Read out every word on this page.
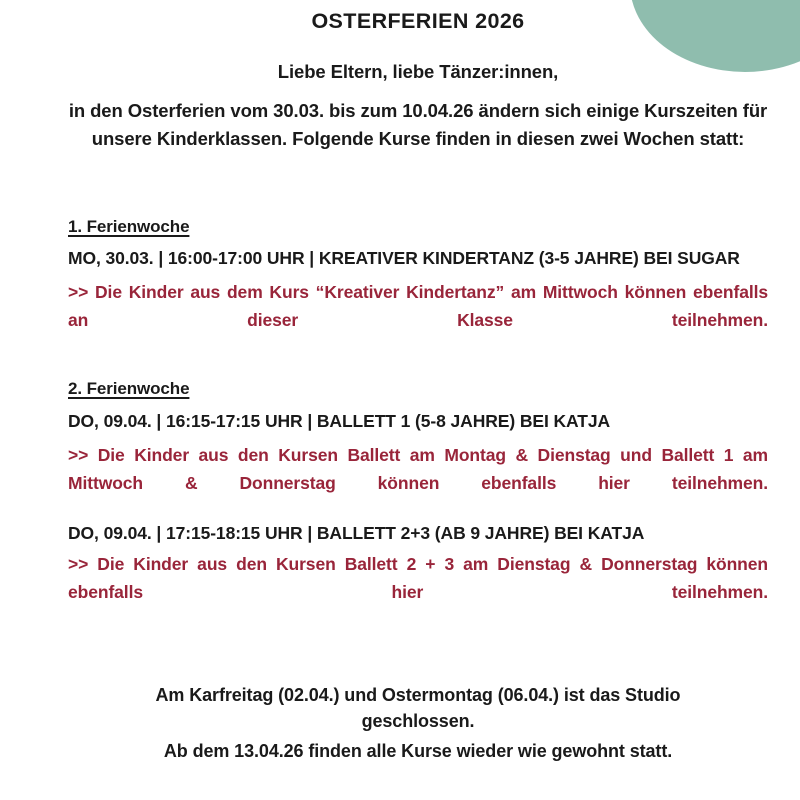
OSTERFERIEN 2026
Liebe Eltern, liebe Tänzer:innen,
in den Osterferien vom 30.03. bis zum 10.04.26 ändern sich einige Kurszeiten für unsere Kinderklassen. Folgende Kurse finden in diesen zwei Wochen statt:
1. Ferienwoche
MO, 30.03. | 16:00-17:00 UHR | KREATIVER KINDERTANZ (3-5 JAHRE) BEI SUGAR
>> Die Kinder aus dem Kurs “Kreativer Kindertanz” am Mittwoch können ebenfalls an dieser Klasse teilnehmen.
2. Ferienwoche
DO, 09.04. | 16:15-17:15 UHR | BALLETT 1 (5-8 JAHRE) BEI KATJA
>> Die Kinder aus den Kursen Ballett am Montag & Dienstag und Ballett 1 am Mittwoch & Donnerstag können ebenfalls hier teilnehmen.
DO, 09.04. | 17:15-18:15 UHR | BALLETT 2+3 (AB 9 JAHRE) BEI KATJA
>> Die Kinder aus den Kursen Ballett 2 + 3 am Dienstag & Donnerstag können ebenfalls hier teilnehmen.
Am Karfreitag (02.04.) und Ostermontag (06.04.) ist das Studio geschlossen.
Ab dem 13.04.26 finden alle Kurse wieder wie gewohnt statt.
